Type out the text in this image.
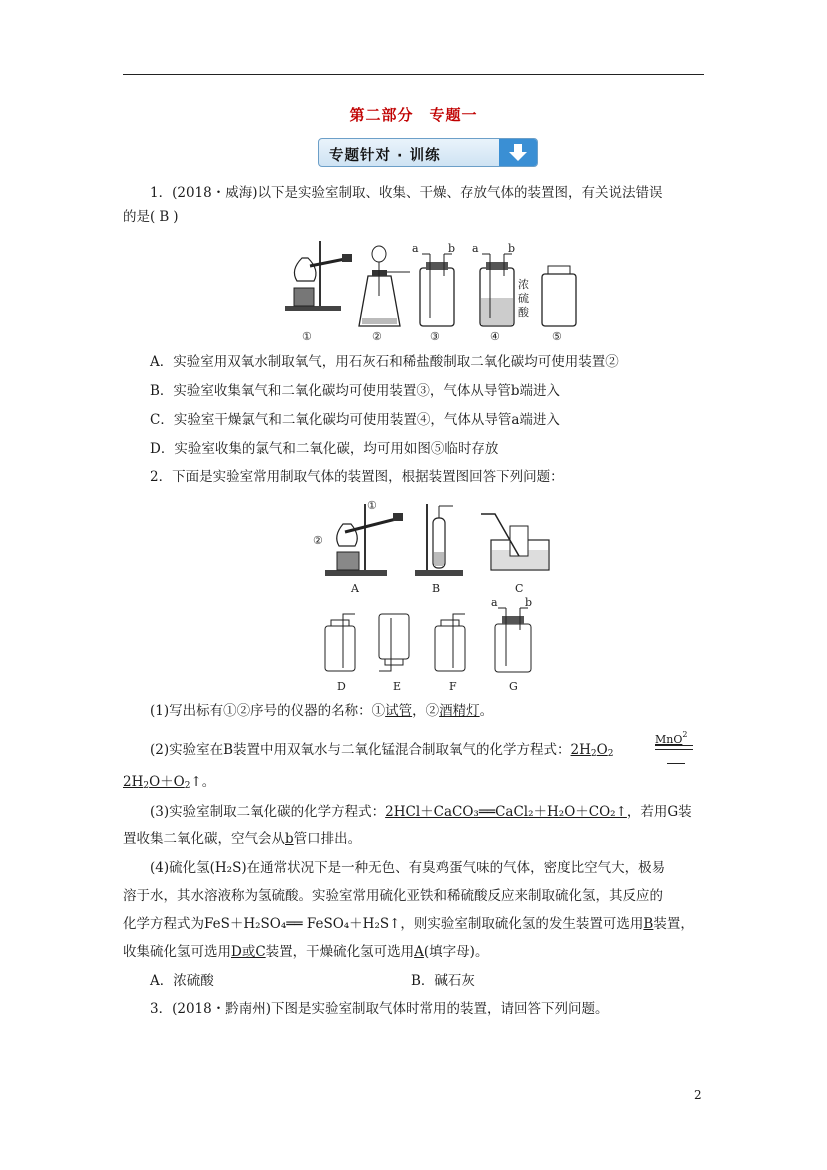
第二部分　专题一
专题针对 · 训练
1．(2018・威海)以下是实验室制取、收集、干燥、存放气体的装置图，有关说法错误
的是( B )
a	b a	b
浓
硫
酸
①	②	③	④	⑤
A．实验室用双氧水制取氧气，用石灰石和稀盐酸制取二氧化碳均可使用装置②
B．实验室收集氧气和二氧化碳均可使用装置③，气体从导管b端进入
C．实验室干燥氯气和二氧化碳均可使用装置④，气体从导管a端进入
D．实验室收集的氯气和二氧化碳，均可用如图⑤临时存放
2．下面是实验室常用制取气体的装置图，根据装置图回答下列问题：
①
②
A	B	C
a b
D	E	F	G
(1)写出标有①②序号的仪器的名称：①试管，②酒精灯。
(2)实验室在B装置中用双氧水与二氧化锰混合制取氧气的化学方程式：$2H_2O_2$
MnO$^2$
$2H_2O+O_2↑$。
(3)实验室制取二氧化碳的化学方程式：2HCl＋CaCO₃══CaCl₂＋H₂O＋CO₂↑，若用G装
置收集二氧化碳，空气会从b管口排出。
(4)硫化氢(H₂S)在通常状况下是一种无色、有臭鸡蛋气味的气体，密度比空气大，极易
溶于水，其水溶液称为氢硫酸。实验室常用硫化亚铁和稀硫酸反应来制取硫化氢，其反应的
化学方程式为FeS＋H₂SO₄══ FeSO₄＋H₂S↑，则实验室制取硫化氢的发生装置可选用B装置，
收集硫化氢可选用D或C装置，干燥硫化氢可选用A(填字母)。
A．浓硫酸	B．碱石灰
3．(2018・黔南州)下图是实验室制取气体时常用的装置，请回答下列问题。
2
